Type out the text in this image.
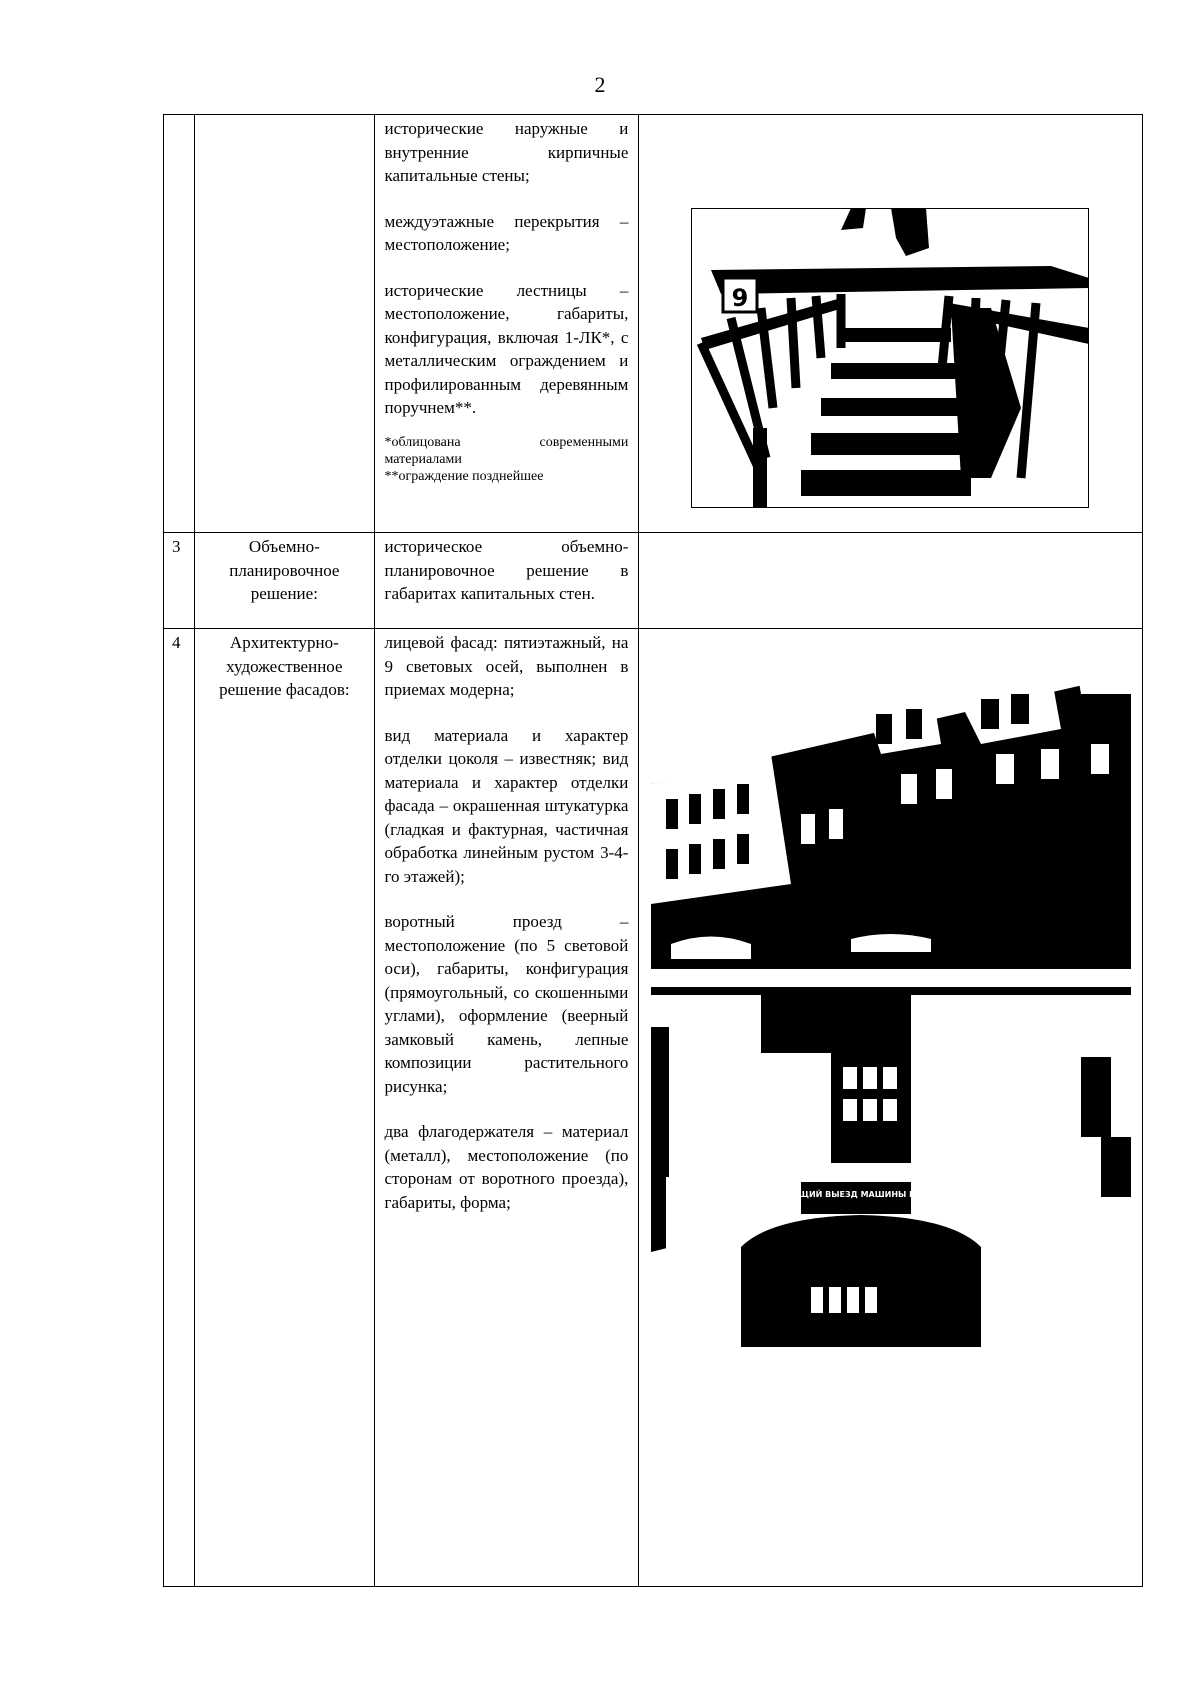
2

		исторические наружные и внутренние кирпичные капитальные стены;

междуэтажные перекрытия – местоположение;

исторические лестницы – местоположение, габариты, конфигурация, включая 1-ЛК*, с металлическим ограждением и профилированным деревянным поручнем**.

*облицована современными материалами

**ограждение позднейшее	9

3	Объемно-планировочное решение:	историческое объемно-планировочное решение в габаритах капитальных стен.	

4	Архитектурно-художественное решение фасадов:	лицевой фасад: пятиэтажный, на 9 световых осей, выполнен в приемах модерна;

вид материала и характер отделки цоколя – известняк; вид материала и характер отделки фасада – окрашенная штукатурка (гладкая и фактурная, частичная обработка линейным рустом 3-4-го этажей);

воротный проезд – местоположение (по 5 световой оси), габариты, конфигурация (прямоугольный, со скошенными углами), оформление (веерный замковый камень, лепные композиции растительного рисунка;

два флагодержателя – материал (металл), местоположение (по сторонам от воротного проезда), габариты, форма;	ДЕЙСТВУЮЩИЙ ВЫЕЗД МАШИНЫ НЕ СТАВИТЬ
